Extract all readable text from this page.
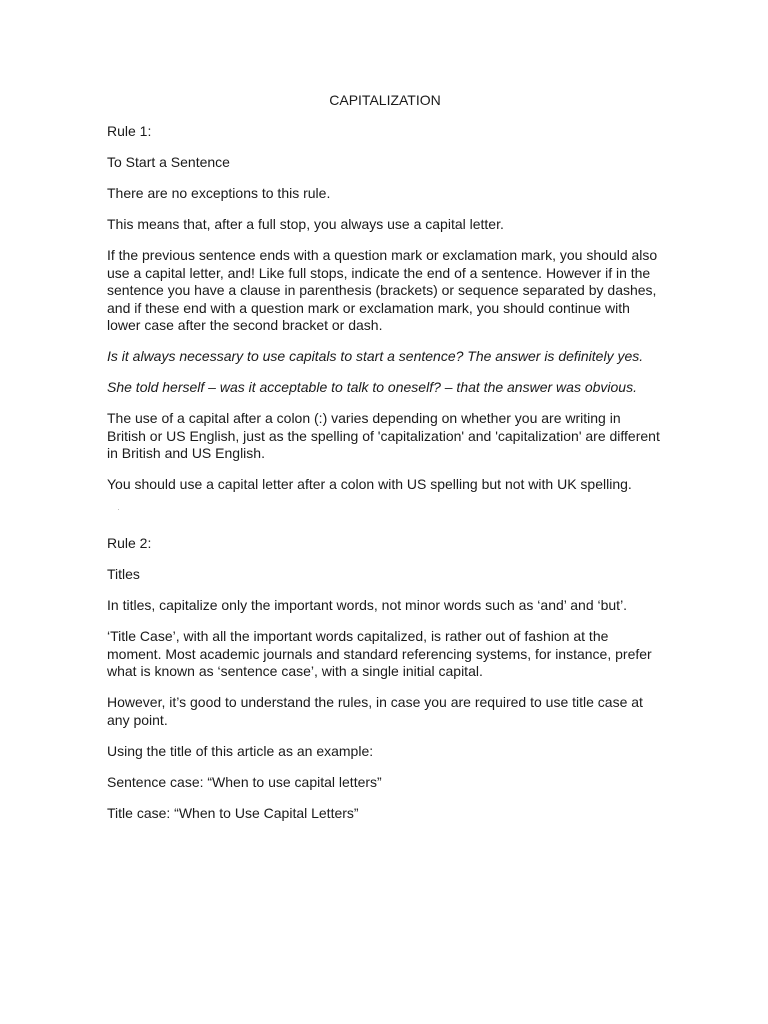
CAPITALIZATION

Rule 1:

To Start a Sentence

There are no exceptions to this rule.

This means that, after a full stop, you always use a capital letter.

If the previous sentence ends with a question mark or exclamation mark, you should also use a capital letter, and! Like full stops, indicate the end of a sentence. However if in the sentence you have a clause in parenthesis (brackets) or sequence separated by dashes, and if these end with a question mark or exclamation mark, you should continue with lower case after the second bracket or dash.

Is it always necessary to use capitals to start a sentence? The answer is definitely yes.

She told herself – was it acceptable to talk to oneself? – that the answer was obvious.

The use of a capital after a colon (:) varies depending on whether you are writing in British or US English, just as the spelling of 'capitalization' and 'capitalization' are different in British and US English.

You should use a capital letter after a colon with US spelling but not with UK spelling.

Rule 2:

Titles

In titles, capitalize only the important words, not minor words such as ‘and’ and ‘but’.

‘Title Case’, with all the important words capitalized, is rather out of fashion at the moment. Most academic journals and standard referencing systems, for instance, prefer what is known as ‘sentence case’, with a single initial capital.

However, it’s good to understand the rules, in case you are required to use title case at any point.

Using the title of this article as an example:

Sentence case: “When to use capital letters”

Title case: “When to Use Capital Letters”
